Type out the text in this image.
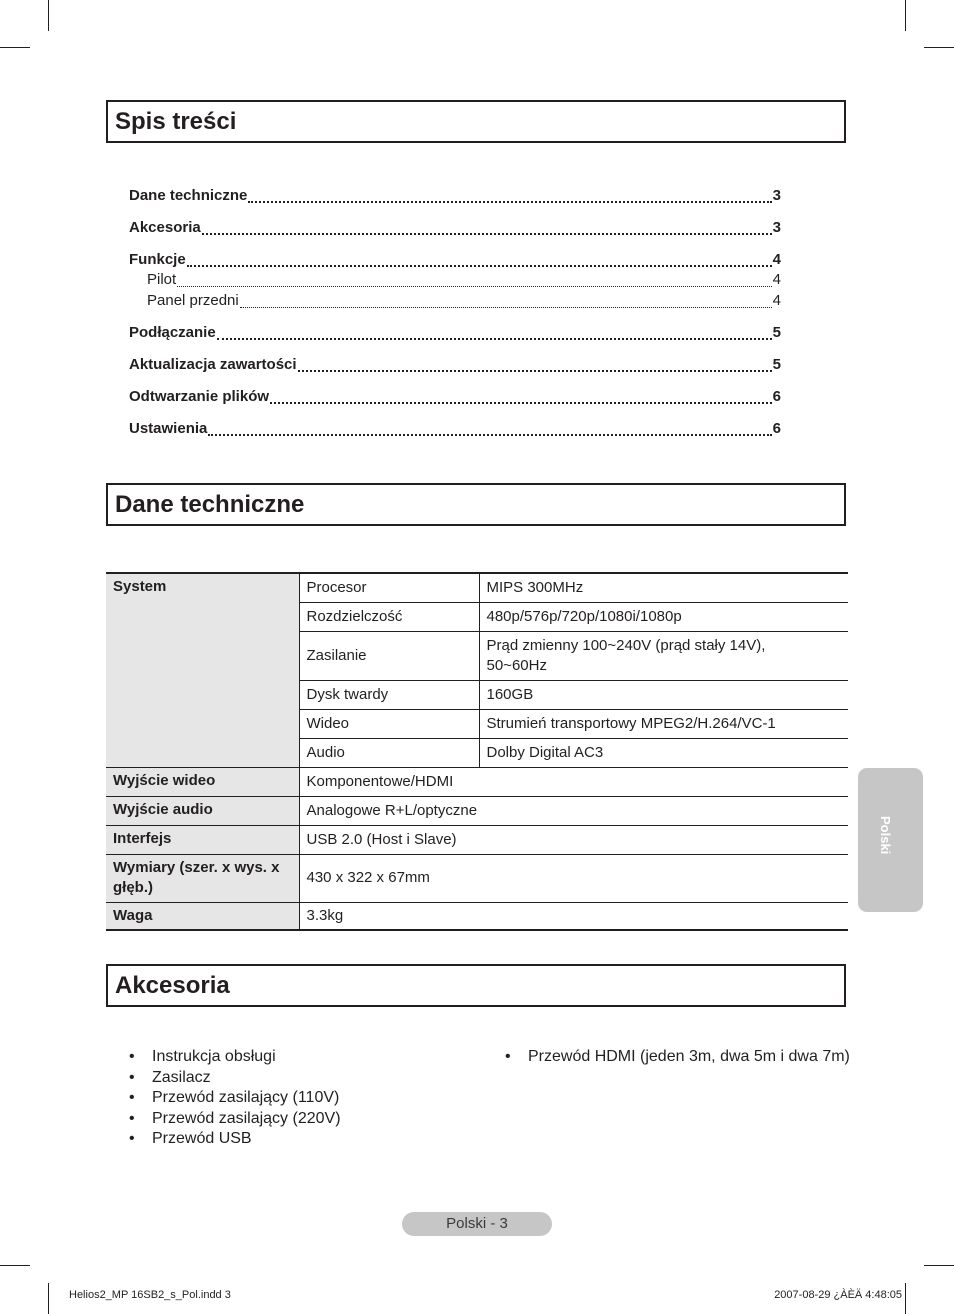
Spis treści
Dane techniczne	3
Akcesoria	3
Funkcje	4
Pilot	4
Panel przedni	4
Podłączanie	5
Aktualizacja zawartości	5
Odtwarzanie plików	6
Ustawienia	6
Dane techniczne
System	Procesor	MIPS 300MHz
	Rozdzielczość	480p/576p/720p/1080i/1080p
	Zasilanie	Prąd zmienny 100~240V (prąd stały 14V), 50~60Hz
	Dysk twardy	160GB
	Wideo	Strumień transportowy MPEG2/H.264/VC-1
	Audio	Dolby Digital AC3
Wyjście wideo	Komponentowe/HDMI	
Wyjście audio	Analogowe R+L/optyczne	
Interfejs	USB 2.0 (Host i Slave)	
Wymiary (szer. x wys. x głęb.)	430 x 322 x 67mm	
Waga	3.3kg	
Akcesoria
• Instrukcja obsługi
• Zasilacz
• Przewód zasilający (110V)
• Przewód zasilający (220V)
• Przewód USB
• Przewód HDMI (jeden 3m, dwa 5m i dwa 7m)
Polski
Polski - 3
Helios2_MP 16SB2_s_Pol.indd 3	2007-08-29 ¿ÀÈÄ 4:48:05
